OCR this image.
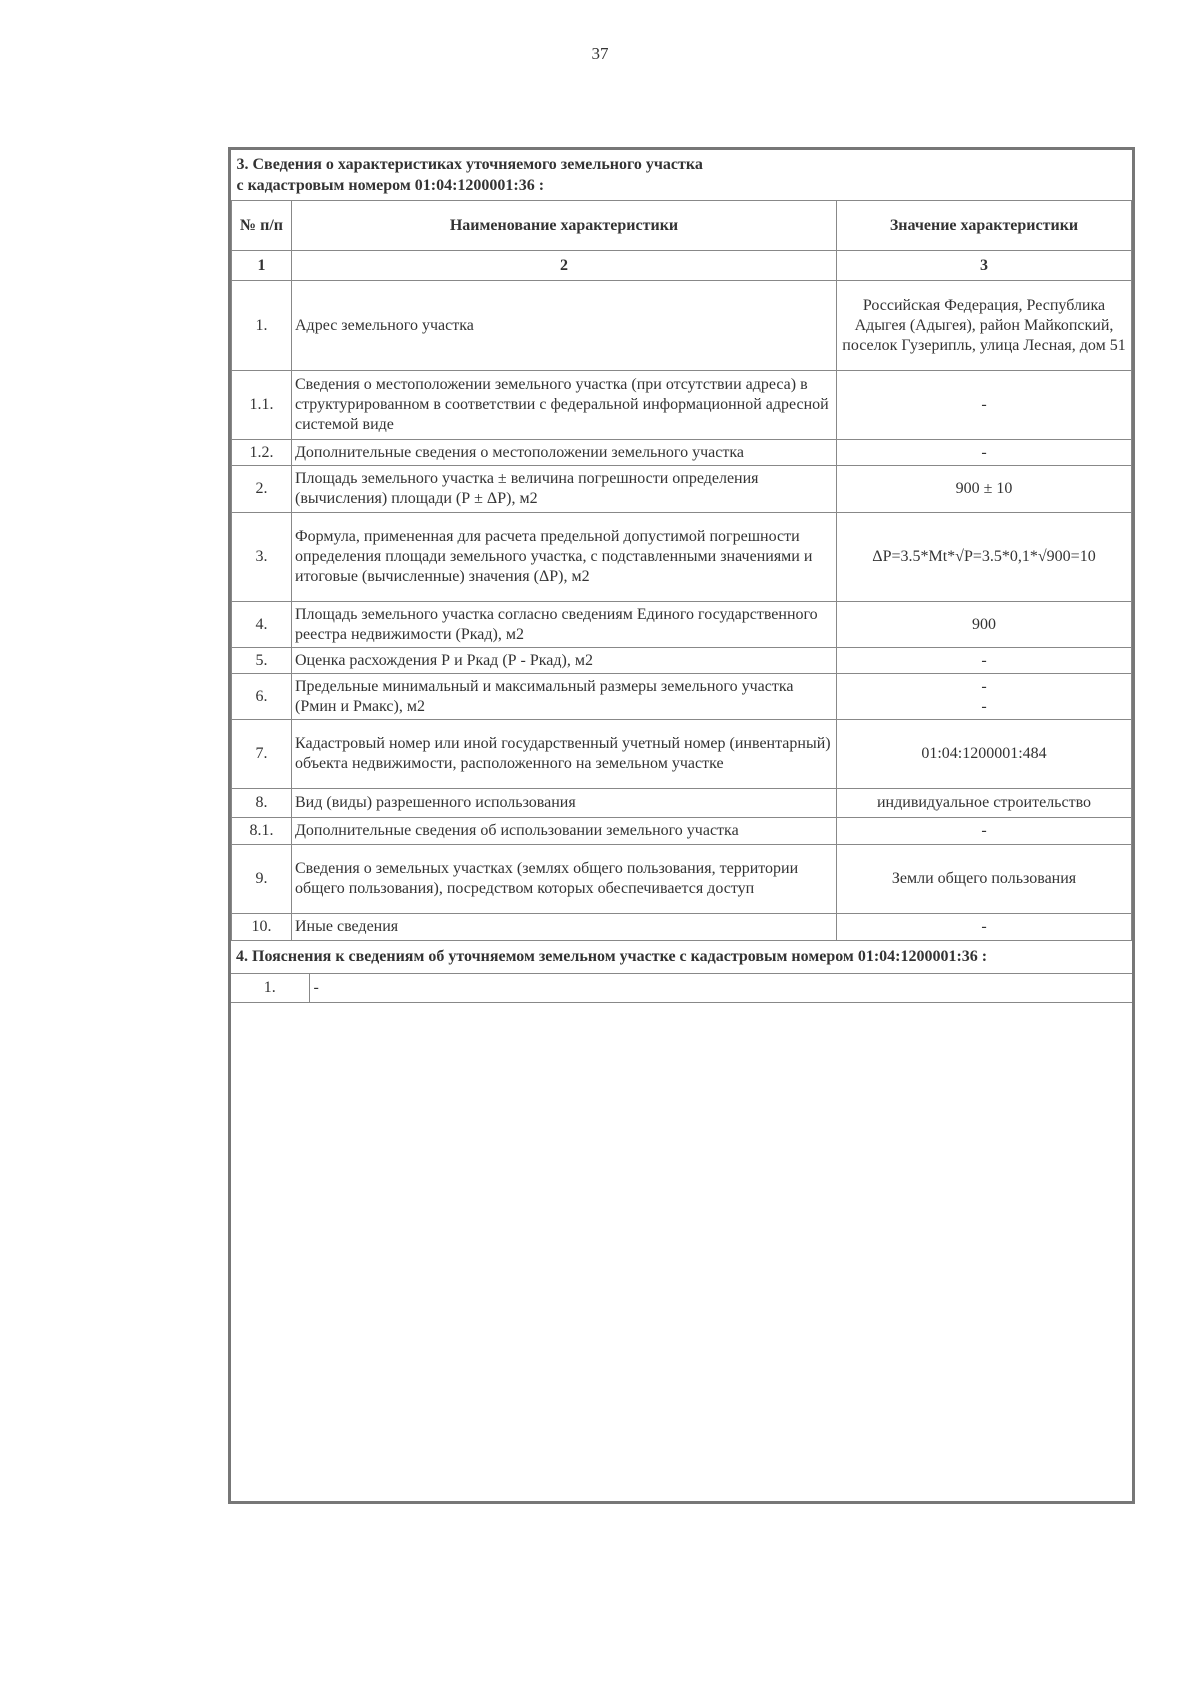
37
3. Сведения о характеристиках уточняемого земельного участка
с кадастровым номером 01:04:1200001:36 :		

№ п/п	Наименование характеристики	Значение характеристики
1	2	3
1.	Адрес земельного участка	Российская Федерация, Республика Адыгея (Адыгея), район Майкопский, поселок Гузерипль, улица Лесная, дом 51
1.1.	Сведения о местоположении земельного участка (при отсутствии адреса) в структурированном в соответствии с федеральной информационной адресной системой виде	-
1.2.	Дополнительные сведения о местоположении земельного участка	-
2.	Площадь земельного участка ± величина погрешности определения (вычисления) площади (Р ± ΔР), м2	900 ± 10
3.	Формула, примененная для расчета предельной допустимой погрешности определения площади земельного участка, с подставленными значениями и итоговые (вычисленные) значения (ΔР), м2	ΔР=3.5*Mt*√Р=3.5*0,1*√900=10
4.	Площадь земельного участка согласно сведениям Единого государственного реестра недвижимости (Ркад), м2	900
5.	Оценка расхождения Р и Ркад (Р - Ркад), м2	-
6.	Предельные минимальный и максимальный размеры земельного участка (Рмин и Рмакс), м2	-
-

7.	Кадастровый номер или иной государственный учетный номер (инвентарный) объекта недвижимости, расположенного на земельном участке	01:04:1200001:484
8.	Вид (виды) разрешенного использования	индивидуальное строительство
8.1.	Дополнительные сведения об использовании земельного участка	-
9.	Сведения о земельных участках (землях общего пользования, территории общего пользования), посредством которых обеспечивается доступ	Земли общего пользования
10.	Иные сведения	-
4. Пояснения к сведениям об уточняемом земельном участке с кадастровым номером 01:04:1200001:36 :
1.	-
